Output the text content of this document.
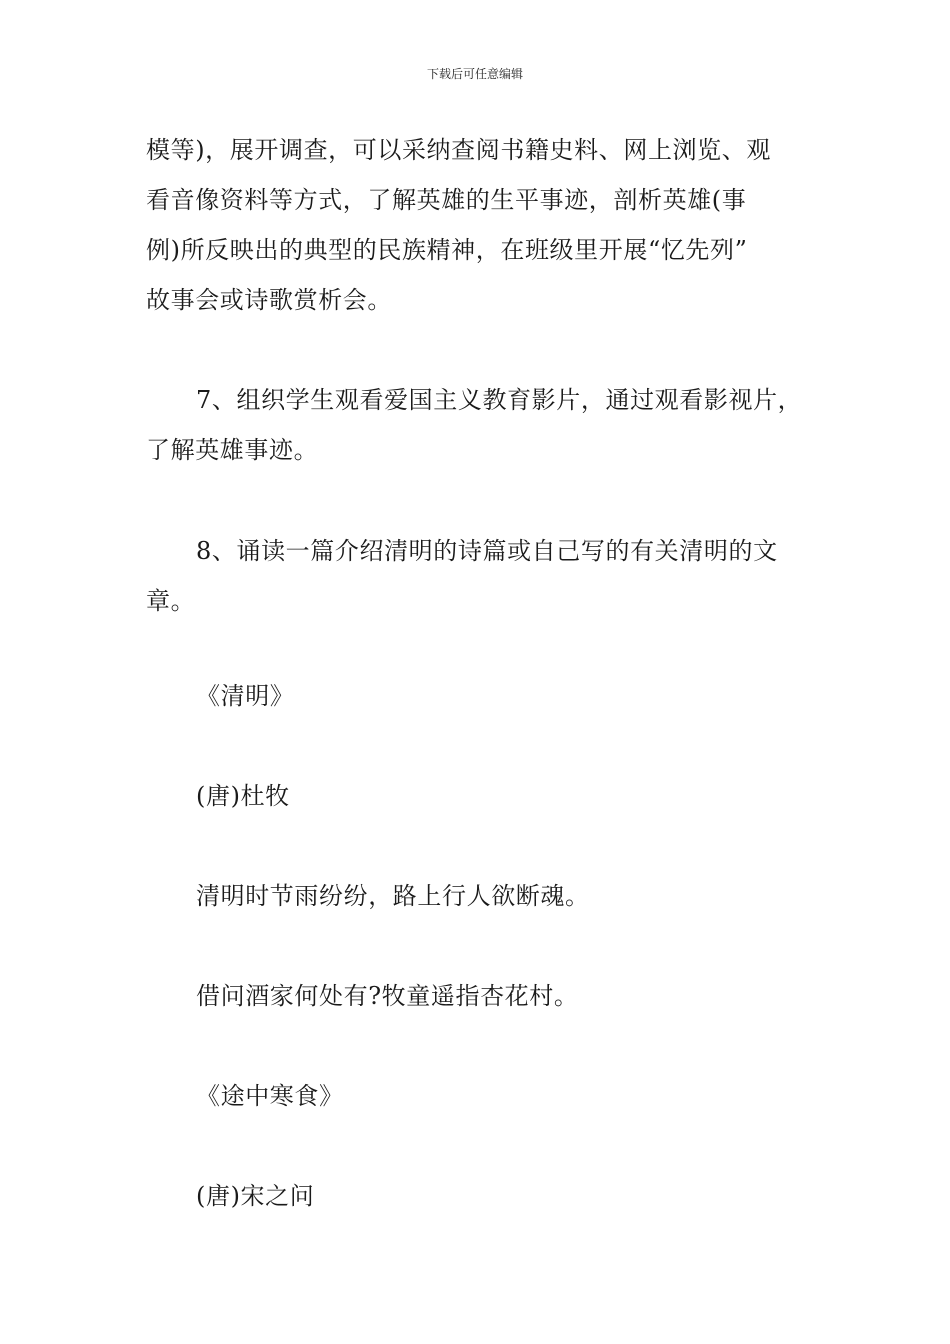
下载后可任意编辑
模等)，展开调查，可以采纳查阅书籍史料、网上浏览、观
看音像资料等方式，了解英雄的生平事迹，剖析英雄(事
例)所反映出的典型的民族精神，在班级里开展“忆先列”
故事会或诗歌赏析会。
7、组织学生观看爱国主义教育影片，通过观看影视片，
了解英雄事迹。
8、诵读一篇介绍清明的诗篇或自己写的有关清明的文
章。
《清明》
(唐)杜牧
清明时节雨纷纷，路上行人欲断魂。
借问酒家何处有?牧童遥指杏花村。
《途中寒食》
(唐)宋之问
